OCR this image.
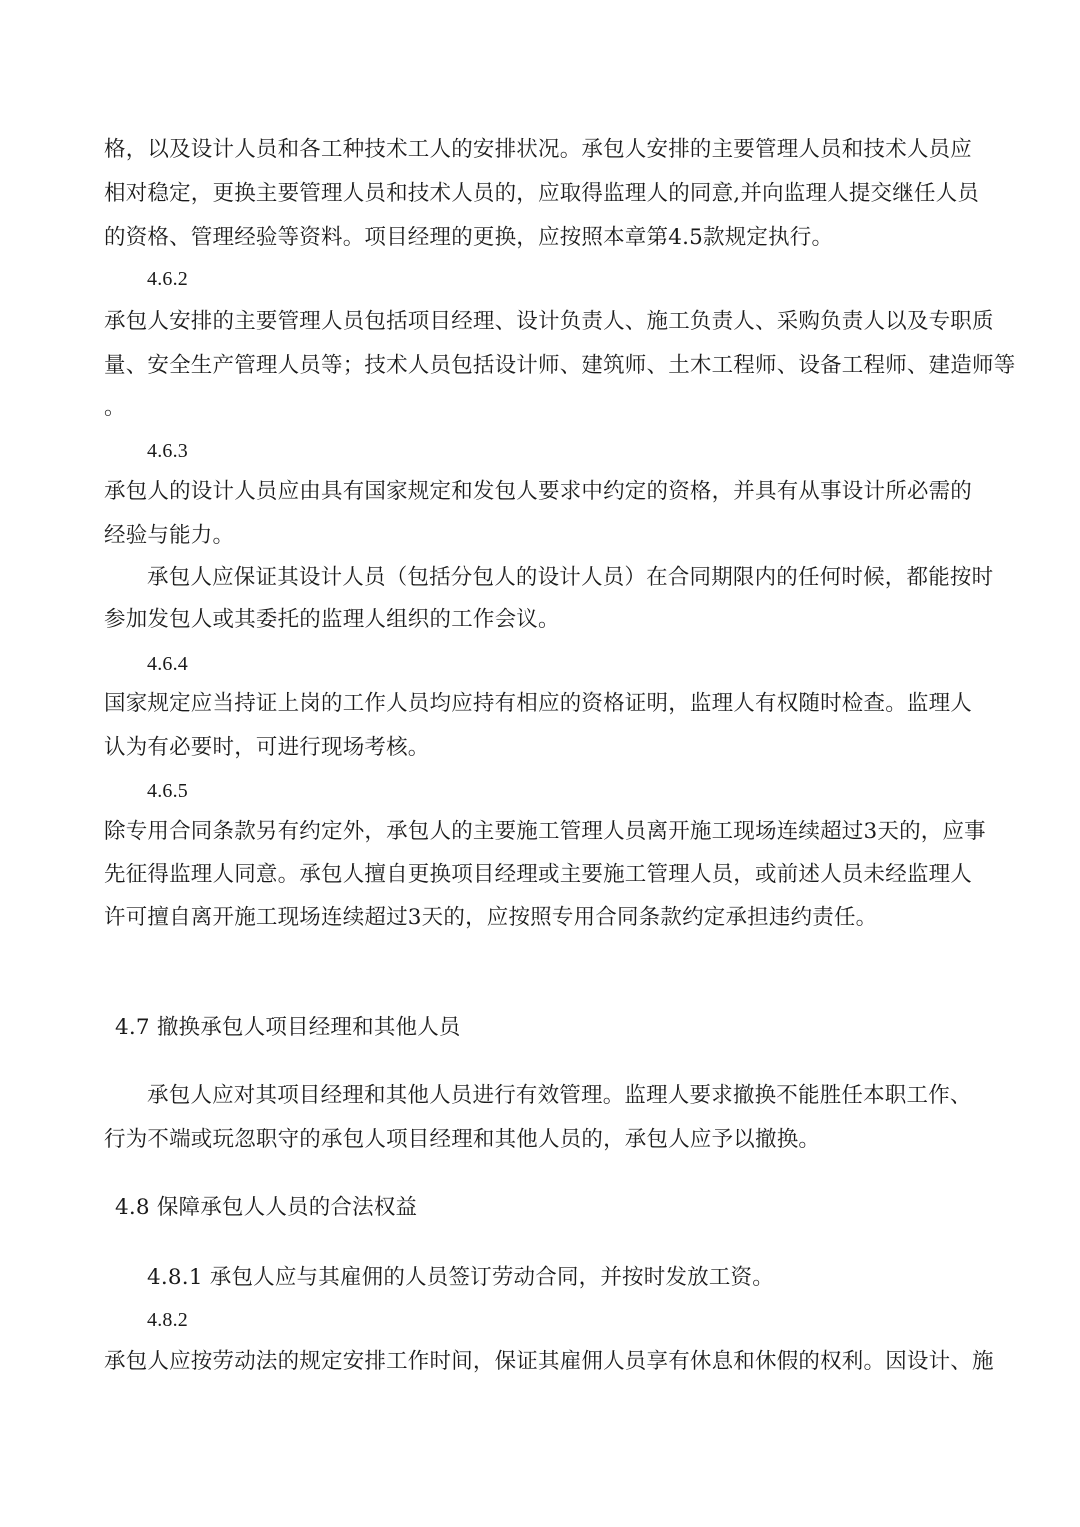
格，以及设计人员和各工种技术工人的安排状况。承包人安排的主要管理人员和技术人员应

相对稳定，更换主要管理人员和技术人员的，应取得监理人的同意,并向监理人提交继任人员

的资格、管理经验等资料。项目经理的更换，应按照本章第4.5款规定执行。

4.6.2

承包人安排的主要管理人员包括项目经理、设计负责人、施工负责人、采购负责人以及专职质

量、安全生产管理人员等；技术人员包括设计师、建筑师、土木工程师、设备工程师、建造师等

。

4.6.3

承包人的设计人员应由具有国家规定和发包人要求中约定的资格，并具有从事设计所必需的

经验与能力。

承包人应保证其设计人员（包括分包人的设计人员）在合同期限内的任何时候，都能按时

参加发包人或其委托的监理人组织的工作会议。

4.6.4

国家规定应当持证上岗的工作人员均应持有相应的资格证明，监理人有权随时检查。监理人

认为有必要时，可进行现场考核。

4.6.5

除专用合同条款另有约定外，承包人的主要施工管理人员离开施工现场连续超过3天的，应事

先征得监理人同意。承包人擅自更换项目经理或主要施工管理人员，或前述人员未经监理人

许可擅自离开施工现场连续超过3天的，应按照专用合同条款约定承担违约责任。

4.7 撤换承包人项目经理和其他人员

承包人应对其项目经理和其他人员进行有效管理。监理人要求撤换不能胜任本职工作、

行为不端或玩忽职守的承包人项目经理和其他人员的，承包人应予以撤换。

4.8 保障承包人人员的合法权益

4.8.1 承包人应与其雇佣的人员签订劳动合同，并按时发放工资。

4.8.2

承包人应按劳动法的规定安排工作时间，保证其雇佣人员享有休息和休假的权利。因设计、施
